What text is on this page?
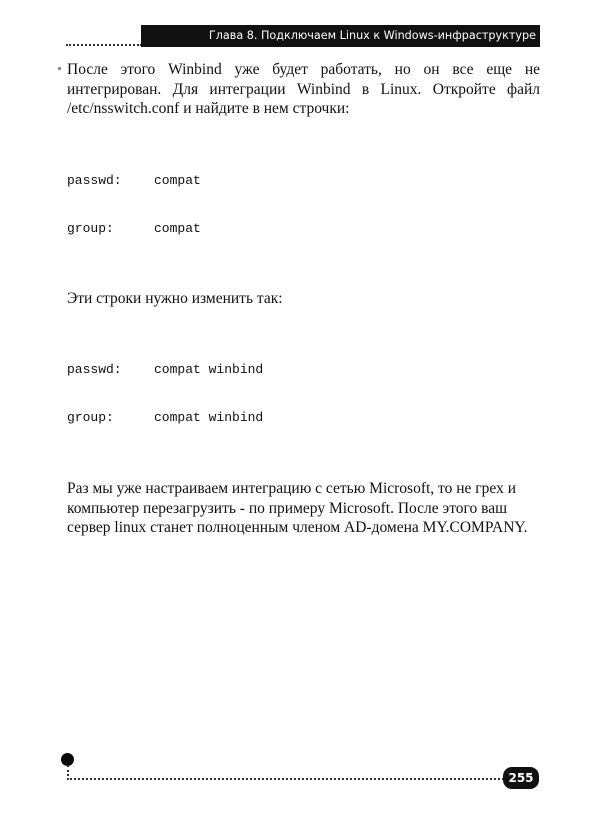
Глава 8. Подключаем Linux к Windows-инфраструктуре

После этого Winbind уже будет работать, но он все еще не интегрирован. Для интеграции Winbind в Linux. Откройте файл /etc/nsswitch.conf и найдите в нем строчки:

passwd: compat

group:	compat

Эти строки нужно изменить так:

passwd: compat winbind

group:	compat winbind

Раз мы уже настраиваем интеграцию с сетью Microsoft, то не грех и компьютер перезагрузить - по примеру Microsoft. После этого ваш сервер linux станет полноценным членом AD-домена MY.COMPANY.

255
